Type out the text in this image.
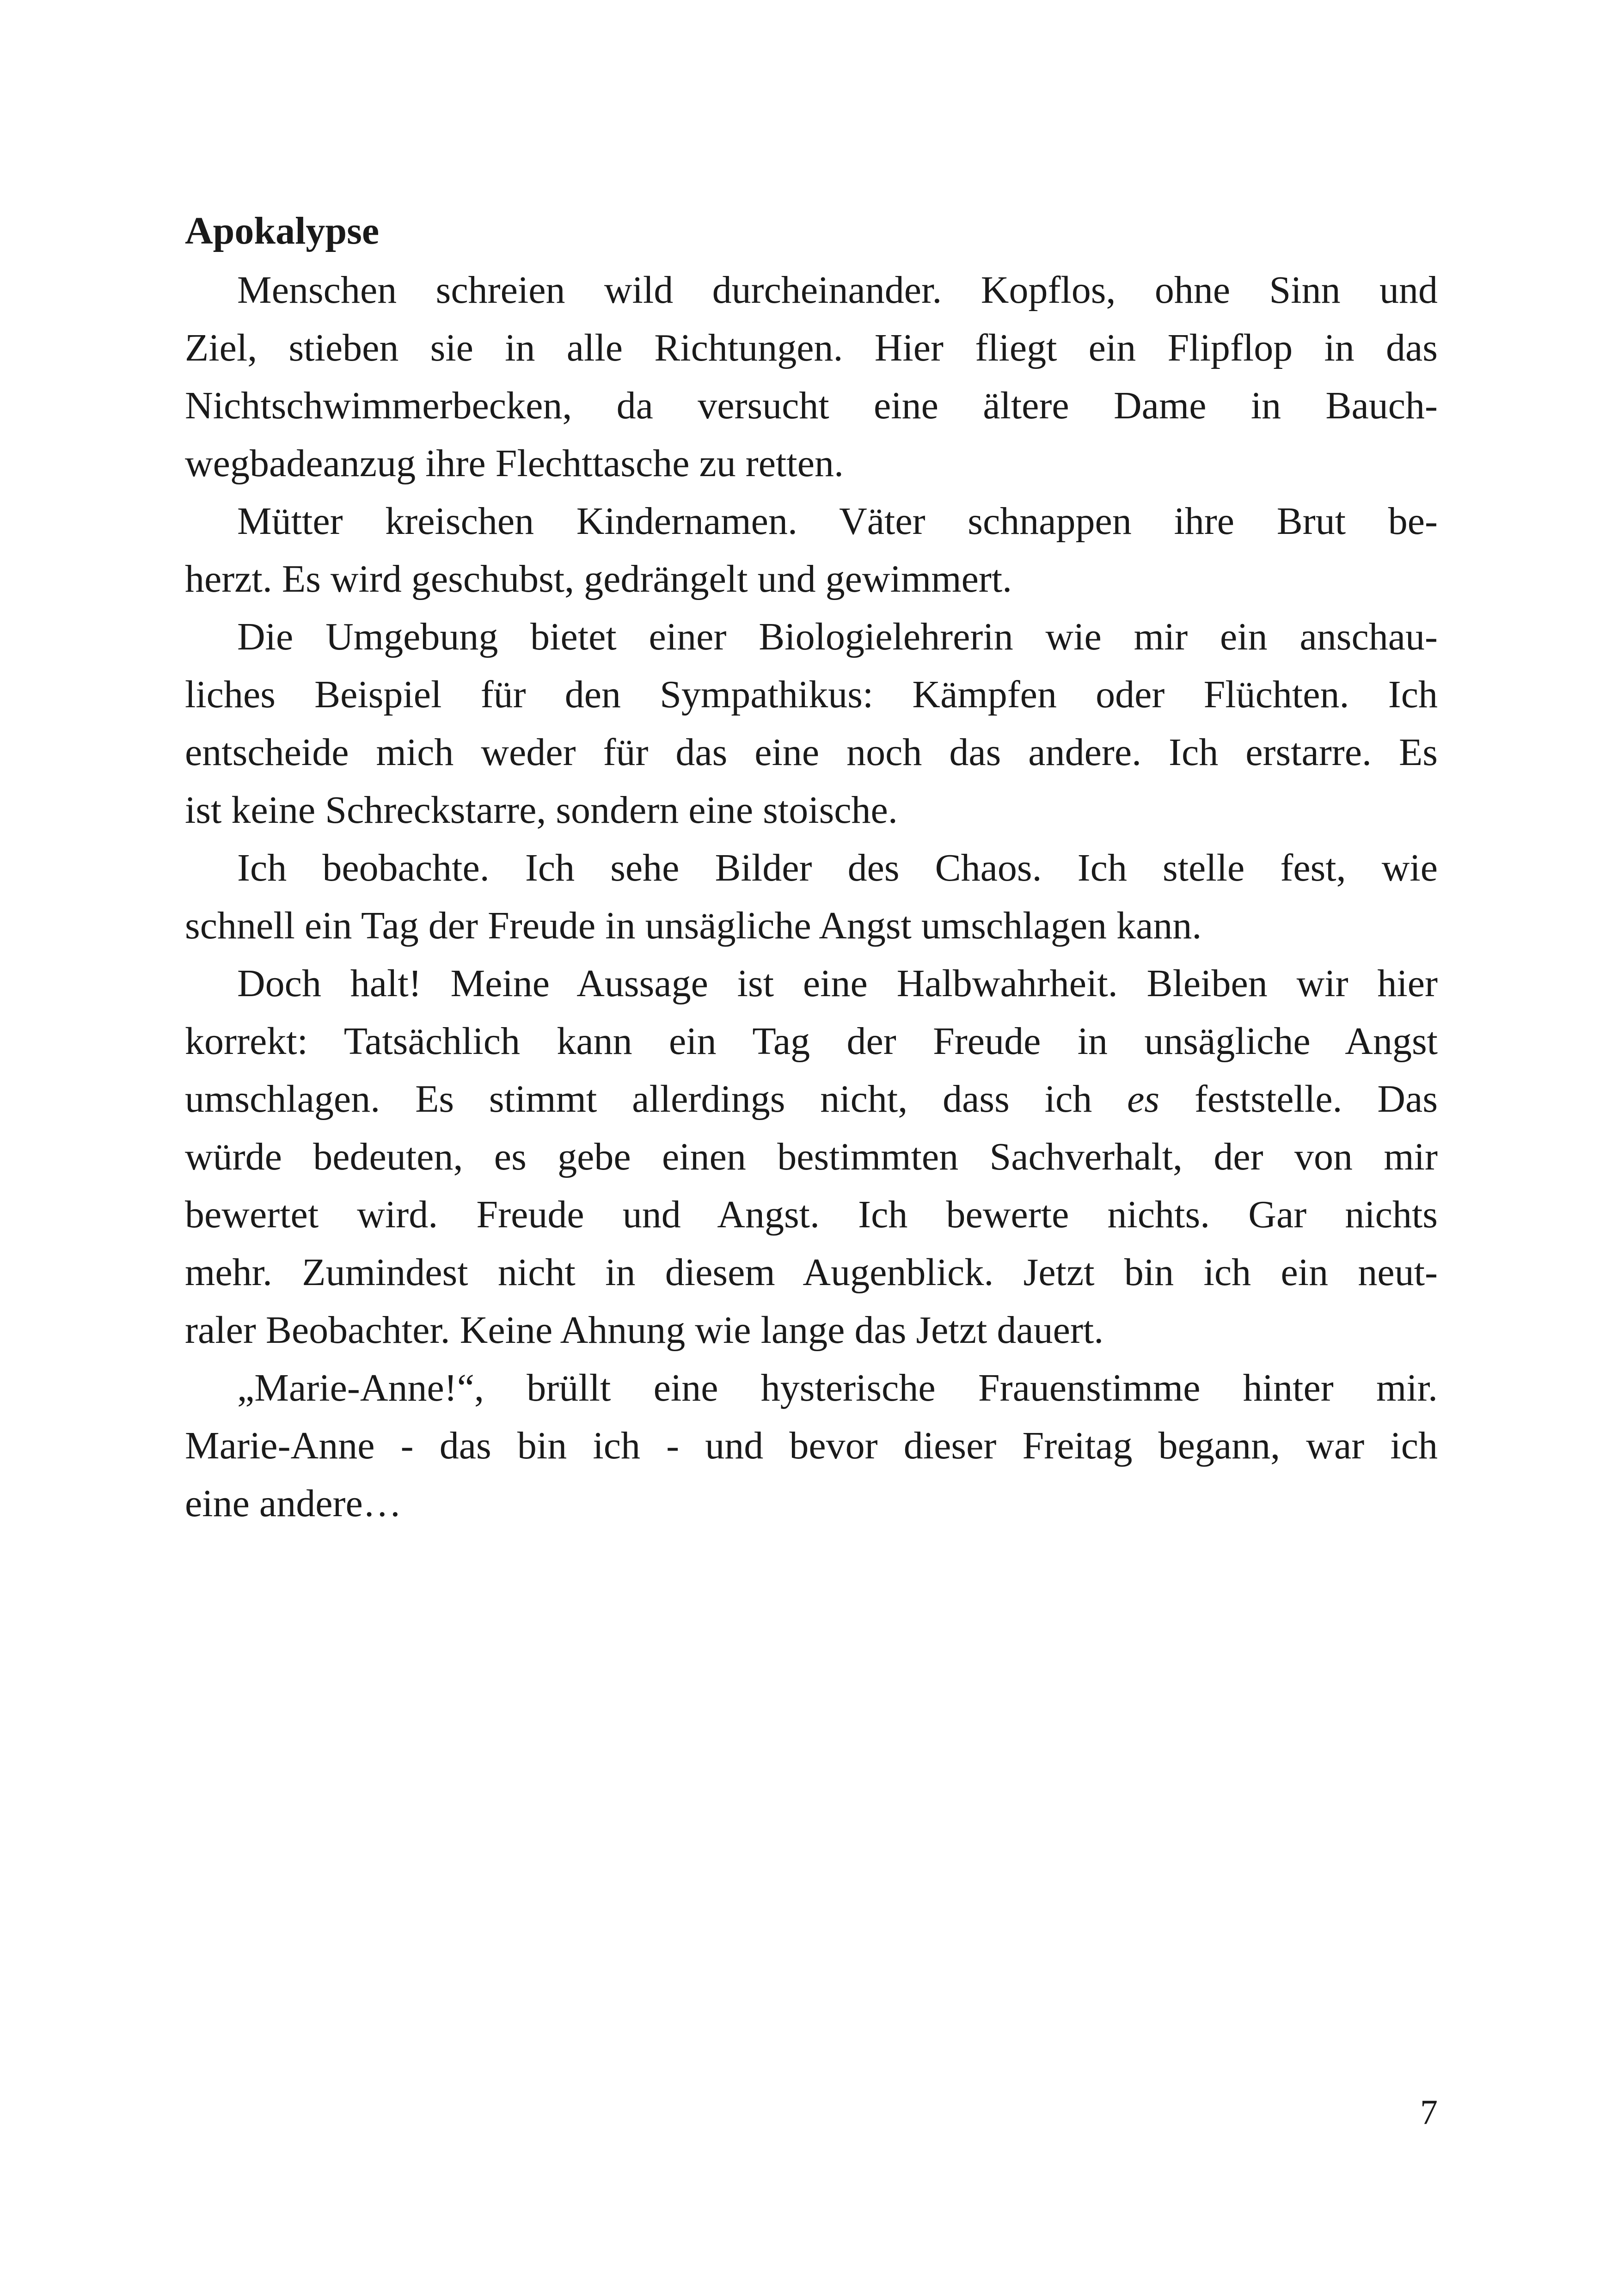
Apokalypse
Menschen schreien wild durcheinander. Kopflos, ohne Sinn und
Ziel, stieben sie in alle Richtungen. Hier fliegt ein Flipflop in das
Nichtschwimmerbecken, da versucht eine ältere Dame in Bauch-
wegbadeanzug ihre Flechttasche zu retten.
Mütter kreischen Kindernamen. Väter schnappen ihre Brut be-
herzt. Es wird geschubst, gedrängelt und gewimmert.
Die Umgebung bietet einer Biologielehrerin wie mir ein anschau-
liches Beispiel für den Sympathikus: Kämpfen oder Flüchten. Ich
entscheide mich weder für das eine noch das andere. Ich erstarre. Es
ist keine Schreckstarre, sondern eine stoische.
Ich beobachte. Ich sehe Bilder des Chaos. Ich stelle fest, wie
schnell ein Tag der Freude in unsägliche Angst umschlagen kann.
Doch halt! Meine Aussage ist eine Halbwahrheit. Bleiben wir hier
korrekt: Tatsächlich kann ein Tag der Freude in unsägliche Angst
umschlagen. Es stimmt allerdings nicht, dass ich es feststelle. Das
würde bedeuten, es gebe einen bestimmten Sachverhalt, der von mir
bewertet wird. Freude und Angst. Ich bewerte nichts. Gar nichts
mehr. Zumindest nicht in diesem Augenblick. Jetzt bin ich ein neut-
raler Beobachter. Keine Ahnung wie lange das Jetzt dauert.
„Marie-Anne!“, brüllt eine hysterische Frauenstimme hinter mir.
Marie-Anne - das bin ich - und bevor dieser Freitag begann, war ich
eine andere…
7
